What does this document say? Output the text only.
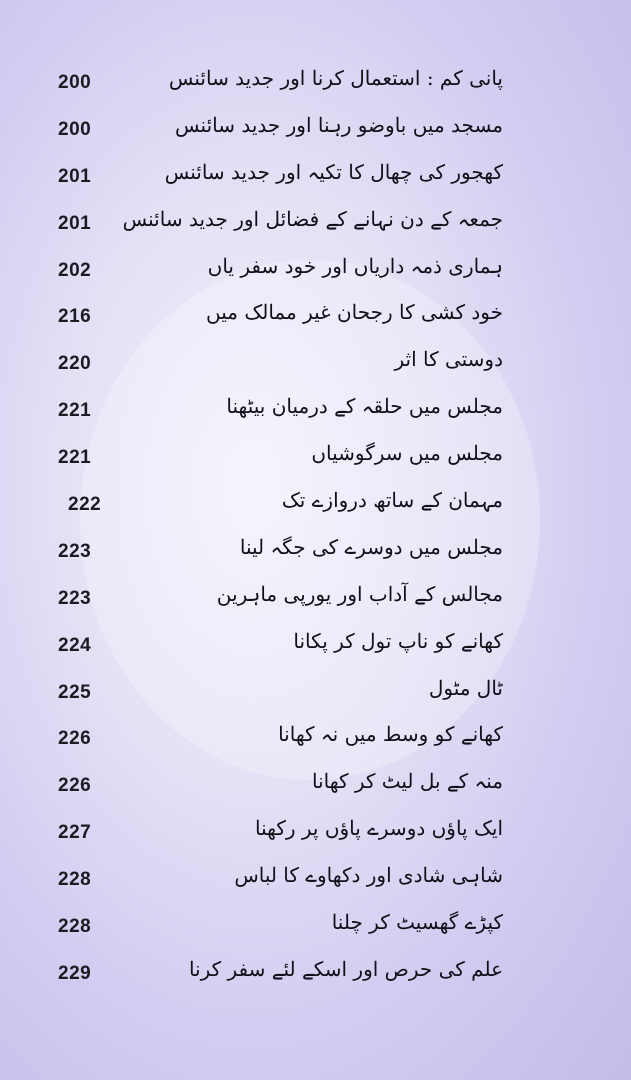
200	پانی کم : استعمال کرنا اور جدید سائنس
200	مسجد میں باوضو رہنا اور جدید سائنس
201	کھجور کی چھال کا تکیہ اور جدید سائنس
201 جمعہ کے دن نہانے کے فضائل اور جدید سائنس
202	ہماری ذمہ داریاں اور خود سفر یاں
216	خود کشی کا رجحان غیر ممالک میں
220	دوستی کا اثر
221	مجلس میں حلقہ کے درمیان بیٹھنا
221	مجلس میں سرگوشیاں
222	مہمان کے ساتھ دروازے تک
223	مجلس میں دوسرے کی جگہ لینا
223	مجالس کے آداب اور یورپی ماہرین
224	کھانے کو ناپ تول کر پکانا
225	ٹال مٹول
226	کھانے کو وسط میں نہ کھانا
226	منہ کے بل لیٹ کر کھانا
227	ایک پاؤں دوسرے پاؤں پر رکھنا
228	شاہی شادی اور دکھاوے کا لباس
228	کپڑے گھسیٹ کر چلنا
229	علم کی حرص اور اسکے لئے سفر کرنا
